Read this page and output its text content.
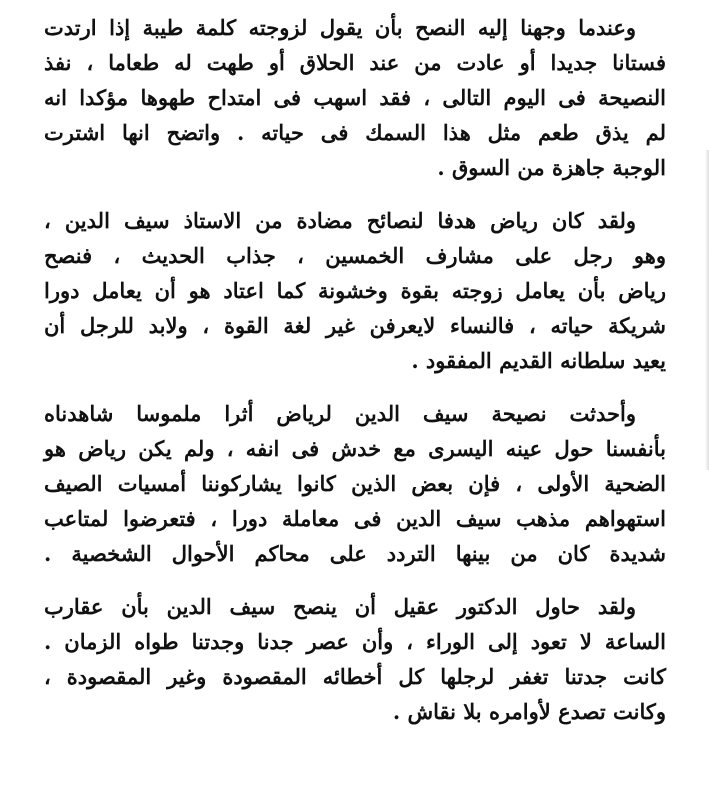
وعندما وجهنا إليه النصح بأن يقول لزوجته كلمة طيبة إذا ارتدت
فستانا جديدا أو عادت من عند الحلاق أو طهت له طعاما ، نفذ
النصيحة فى اليوم التالى ، فقد اسهب فى امتداح طهوها مؤكدا انه
لم يذق طعم مثل هذا السمك فى حياته . واتضح انها اشترت
الوجبة جاهزة من السوق .
ولقد كان رياض هدفا لنصائح مضادة من الاستاذ سيف الدين ،
وهو رجل على مشارف الخمسين ، جذاب الحديث ، فنصح
رياض بأن يعامل زوجته بقوة وخشونة كما اعتاد هو أن يعامل دورا
شريكة حياته ، فالنساء لايعرفن غير لغة القوة ، ولابد للرجل أن
يعيد سلطانه القديم المفقود .
وأحدثت نصيحة سيف الدين لرياض أثرا ملموسا شاهدناه
بأنفسنا حول عينه اليسرى مع خدش فى انفه ، ولم يكن رياض هو
الضحية الأولى ، فإن بعض الذين كانوا يشاركوننا أمسيات الصيف
استهواهم مذهب سيف الدين فى معاملة دورا ، فتعرضوا لمتاعب
شديدة كان من بينها التردد على محاكم الأحوال الشخصية .
ولقد حاول الدكتور عقيل أن ينصح سيف الدين بأن عقارب
الساعة لا تعود إلى الوراء ، وأن عصر جدنا وجدتنا طواه الزمان .
كانت جدتنا تغفر لرجلها كل أخطائه المقصودة وغير المقصودة ،
وكانت تصدع لأوامره بلا نقاش .
